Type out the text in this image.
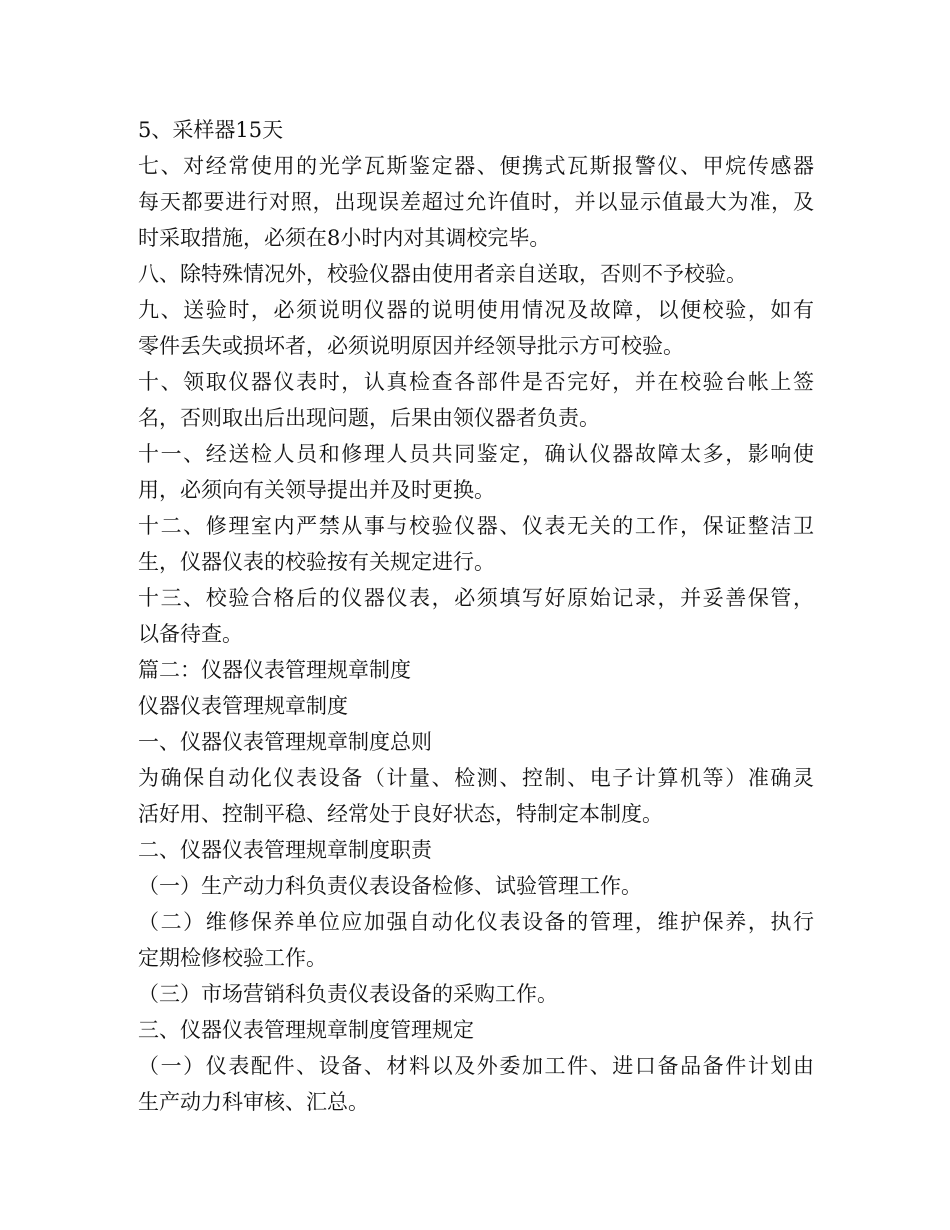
5、采样器15天
七、对经常使用的光学瓦斯鉴定器、便携式瓦斯报警仪、甲烷传感器
每天都要进行对照，出现误差超过允许值时，并以显示值最大为准，及
时采取措施，必须在8小时内对其调校完毕。
八、除特殊情况外，校验仪器由使用者亲自送取，否则不予校验。
九、送验时，必须说明仪器的说明使用情况及故障，以便校验，如有
零件丢失或损坏者，必须说明原因并经领导批示方可校验。
十、领取仪器仪表时，认真检查各部件是否完好，并在校验台帐上签
名，否则取出后出现问题，后果由领仪器者负责。
十一、经送检人员和修理人员共同鉴定，确认仪器故障太多，影响使
用，必须向有关领导提出并及时更换。
十二、修理室内严禁从事与校验仪器、仪表无关的工作，保证整洁卫
生，仪器仪表的校验按有关规定进行。
十三、校验合格后的仪器仪表，必须填写好原始记录，并妥善保管，
以备待查。
篇二：仪器仪表管理规章制度
仪器仪表管理规章制度
一、仪器仪表管理规章制度总则
为确保自动化仪表设备（计量、检测、控制、电子计算机等）准确灵
活好用、控制平稳、经常处于良好状态，特制定本制度。
二、仪器仪表管理规章制度职责
（一）生产动力科负责仪表设备检修、试验管理工作。
（二）维修保养单位应加强自动化仪表设备的管理，维护保养，执行
定期检修校验工作。
（三）市场营销科负责仪表设备的采购工作。
三、仪器仪表管理规章制度管理规定
（一）仪表配件、设备、材料以及外委加工件、进口备品备件计划由
生产动力科审核、汇总。
